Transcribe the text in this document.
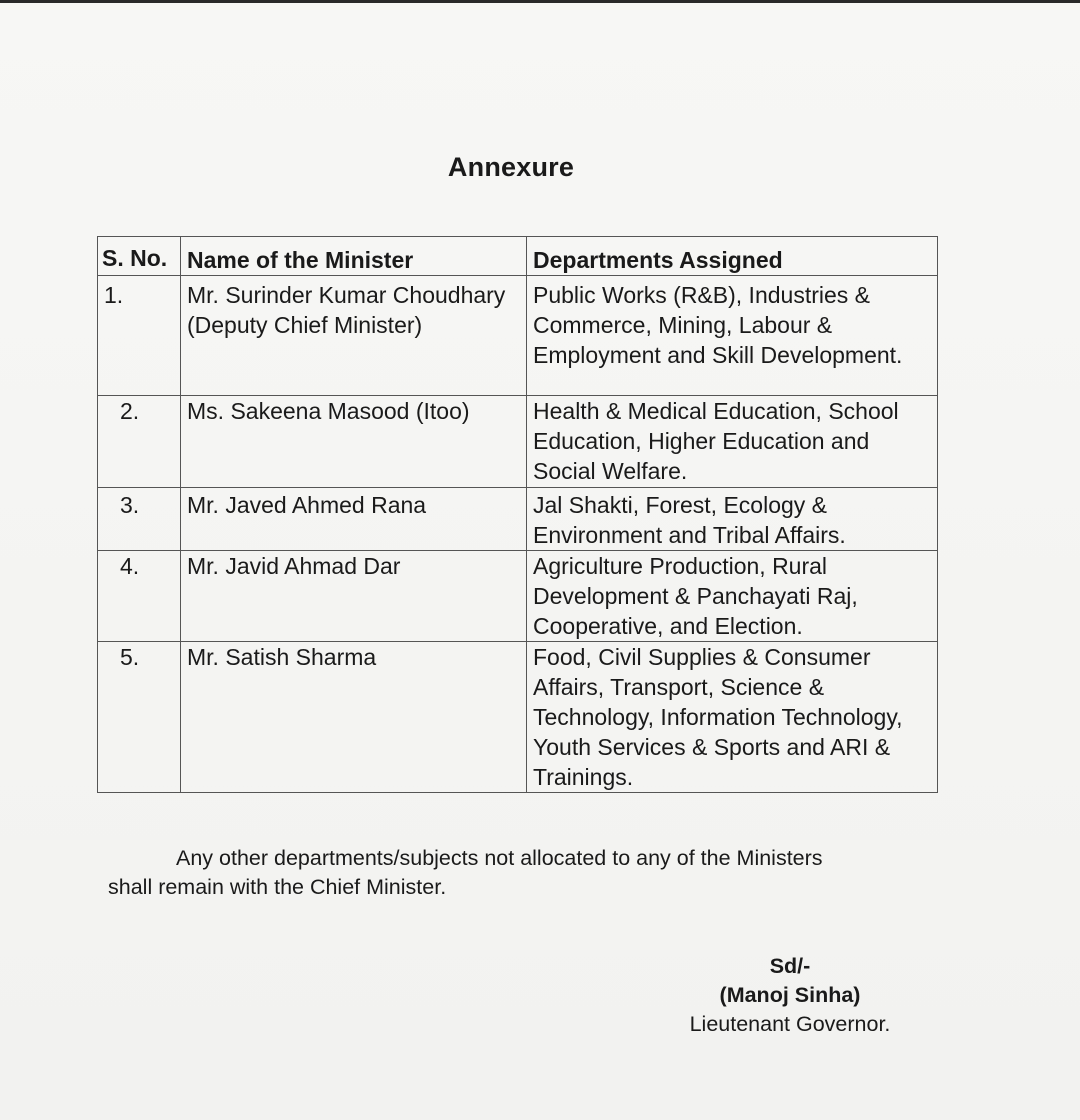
Annexure
S. No.	Name of the Minister	Departments Assigned
1.	Mr. Surinder Kumar Choudhary (Deputy Chief Minister)	Public Works (R&B), Industries & Commerce, Mining, Labour & Employment and Skill Development.
2.	Ms. Sakeena Masood (Itoo)	Health & Medical Education, School Education, Higher Education and Social Welfare.
3.	Mr. Javed Ahmed Rana	Jal Shakti, Forest, Ecology & Environment and Tribal Affairs.
4.	Mr. Javid Ahmad Dar	Agriculture Production, Rural Development & Panchayati Raj, Cooperative, and Election.
5.	Mr. Satish Sharma	Food, Civil Supplies & Consumer Affairs, Transport, Science & Technology, Information Technology, Youth Services & Sports and ARI & Trainings.
Any other departments/subjects not allocated to any of the Ministers
shall remain with the Chief Minister.
Sd/-
(Manoj Sinha)
Lieutenant Governor.
